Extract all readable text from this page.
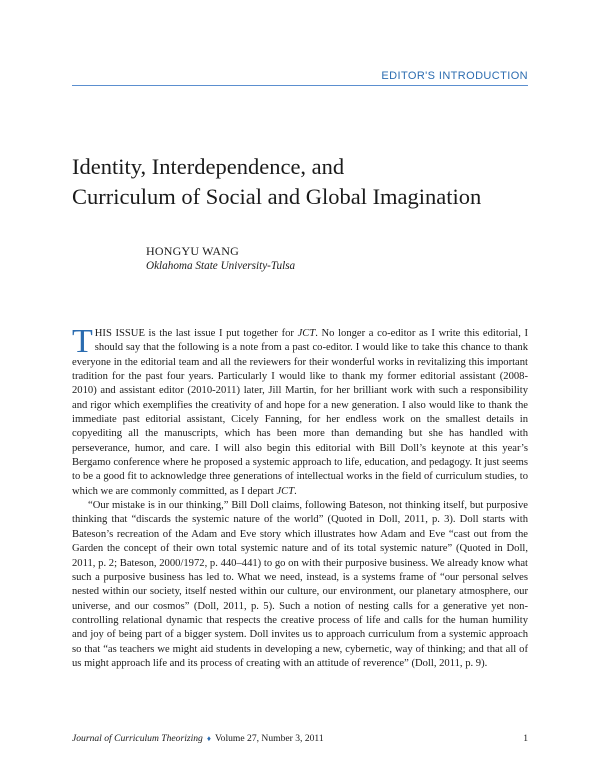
EDITOR'S INTRODUCTION
Identity, Interdependence, and
Curriculum of Social and Global Imagination
HONGYU WANG
Oklahoma State University-Tulsa

THIS ISSUE is the last issue I put together for JCT. No longer a co-editor as I write this editorial, I should say that the following is a note from a past co-editor. I would like to take this chance to thank everyone in the editorial team and all the reviewers for their wonderful works in revitalizing this important tradition for the past four years. Particularly I would like to thank my former editorial assistant (2008-2010) and assistant editor (2010-2011) later, Jill Martin, for her brilliant work with such a responsibility and rigor which exemplifies the creativity of and hope for a new generation. I also would like to thank the immediate past editorial assistant, Cicely Fanning, for her endless work on the smallest details in copyediting all the manuscripts, which has been more than demanding but she has handled with perseverance, humor, and care. I will also begin this editorial with Bill Doll’s keynote at this year’s Bergamo conference where he proposed a systemic approach to life, education, and pedagogy. It just seems to be a good fit to acknowledge three generations of intellectual works in the field of curriculum studies, to which we are commonly committed, as I depart JCT.

“Our mistake is in our thinking,” Bill Doll claims, following Bateson, not thinking itself, but purposive thinking that “discards the systemic nature of the world” (Quoted in Doll, 2011, p. 3). Doll starts with Bateson’s recreation of the Adam and Eve story which illustrates how Adam and Eve “cast out from the Garden the concept of their own total systemic nature and of its total systemic nature” (Quoted in Doll, 2011, p. 2; Bateson, 2000/1972, p. 440–441) to go on with their purposive business. We already know what such a purposive business has led to. What we need, instead, is a systems frame of “our personal selves nested within our society, itself nested within our culture, our environment, our planetary atmosphere, our universe, and our cosmos” (Doll, 2011, p. 5). Such a notion of nesting calls for a generative yet non-controlling relational dynamic that respects the creative process of life and calls for the human humility and joy of being part of a bigger system. Doll invites us to approach curriculum from a systemic approach so that “as teachers we might aid students in developing a new, cybernetic, way of thinking; and that all of us might approach life and its process of creating with an attitude of reverence” (Doll, 2011, p. 9).

Journal of Curriculum Theorizing ♦ Volume 27, Number 3, 2011	1
